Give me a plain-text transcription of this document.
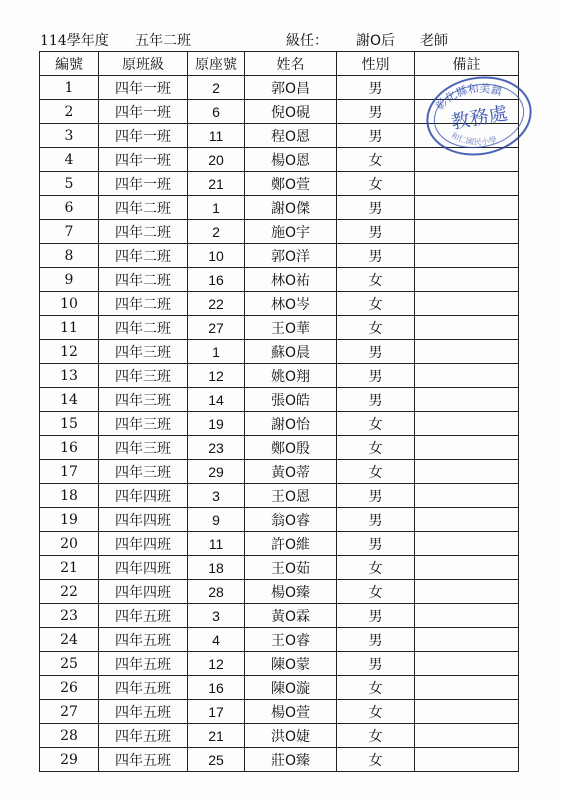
114學年度 五年二班	級任： 謝O后 老師
編號	原班級	原座號	姓名	性別	備註
1	四年一班	2	郭O昌	男	
2	四年一班	6	倪O硯	男	
3	四年一班	11	程O恩	男	
4	四年一班	20	楊O恩	女	
5	四年一班	21	鄭O萱	女	
6	四年二班	1	謝O傑	男	
7	四年二班	2	施O宇	男	
8	四年二班	10	郭O洋	男	
9	四年二班	16	林O祐	女	
10	四年二班	22	林O岑	女	
11	四年二班	27	王O華	女	
12	四年三班	1	蘇O晨	男	
13	四年三班	12	姚O翔	男	
14	四年三班	14	張O皓	男	
15	四年三班	19	謝O怡	女	
16	四年三班	23	鄭O殷	女	
17	四年三班	29	黃O蒂	女	
18	四年四班	3	王O恩	男	
19	四年四班	9	翁O睿	男	
20	四年四班	11	許O維	男	
21	四年四班	18	王O茹	女	
22	四年四班	28	楊O臻	女	
23	四年五班	3	黃O霖	男	
24	四年五班	4	王O睿	男	
25	四年五班	12	陳O蒙	男	
26	四年五班	16	陳O漩	女	
27	四年五班	17	楊O萱	女	
28	四年五班	21	洪O婕	女	
29	四年五班	25	莊O臻	女	
彰化縣和美鎮
教務處
和仁國民小學
